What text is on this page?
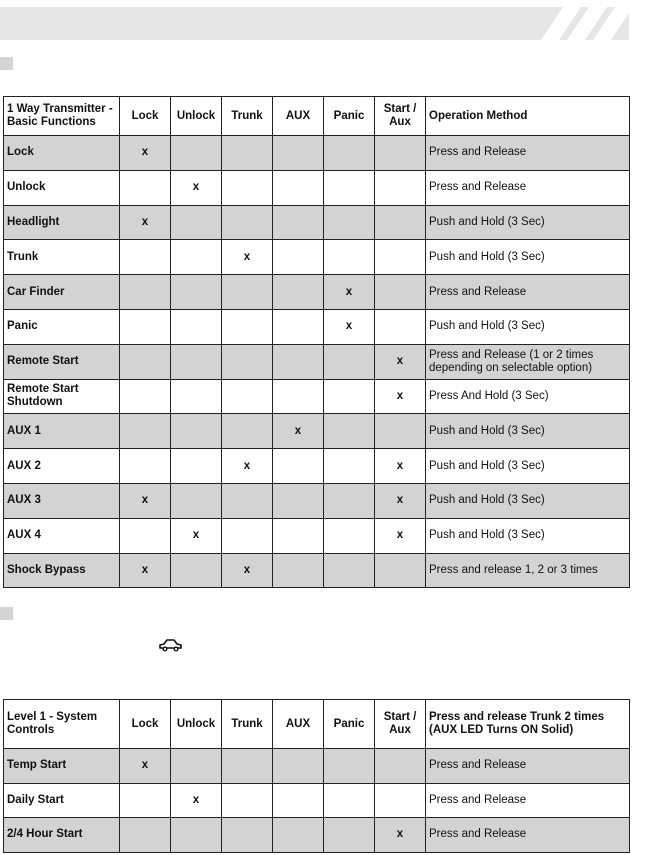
1 Way Transmitter - Basic Functions	Lock	Unlock	Trunk	AUX	Panic	Start / Aux	Operation Method
Lock	x						Press and Release
Unlock		x					Press and Release
Headlight	x						Push and Hold (3 Sec)
Trunk			x				Push and Hold (3 Sec)
Car Finder					x		Press and Release
Panic					x		Push and Hold (3 Sec)
Remote Start						x	Press and Release (1 or 2 times depending on selectable option)
Remote Start Shutdown						x	Press And Hold (3 Sec)
AUX 1				x			Push and Hold (3 Sec)
AUX 2			x			x	Push and Hold (3 Sec)
AUX 3	x					x	Push and Hold (3 Sec)
AUX 4		x				x	Push and Hold (3 Sec)
Shock Bypass	x		x				Press and release 1, 2 or 3 times
Level 1 - System Controls	Lock	Unlock	Trunk	AUX	Panic	Start / Aux	Press and release Trunk 2 times (AUX LED Turns ON Solid)
Temp Start	x						Press and Release
Daily Start		x					Press and Release
2/4 Hour Start						x	Press and Release
